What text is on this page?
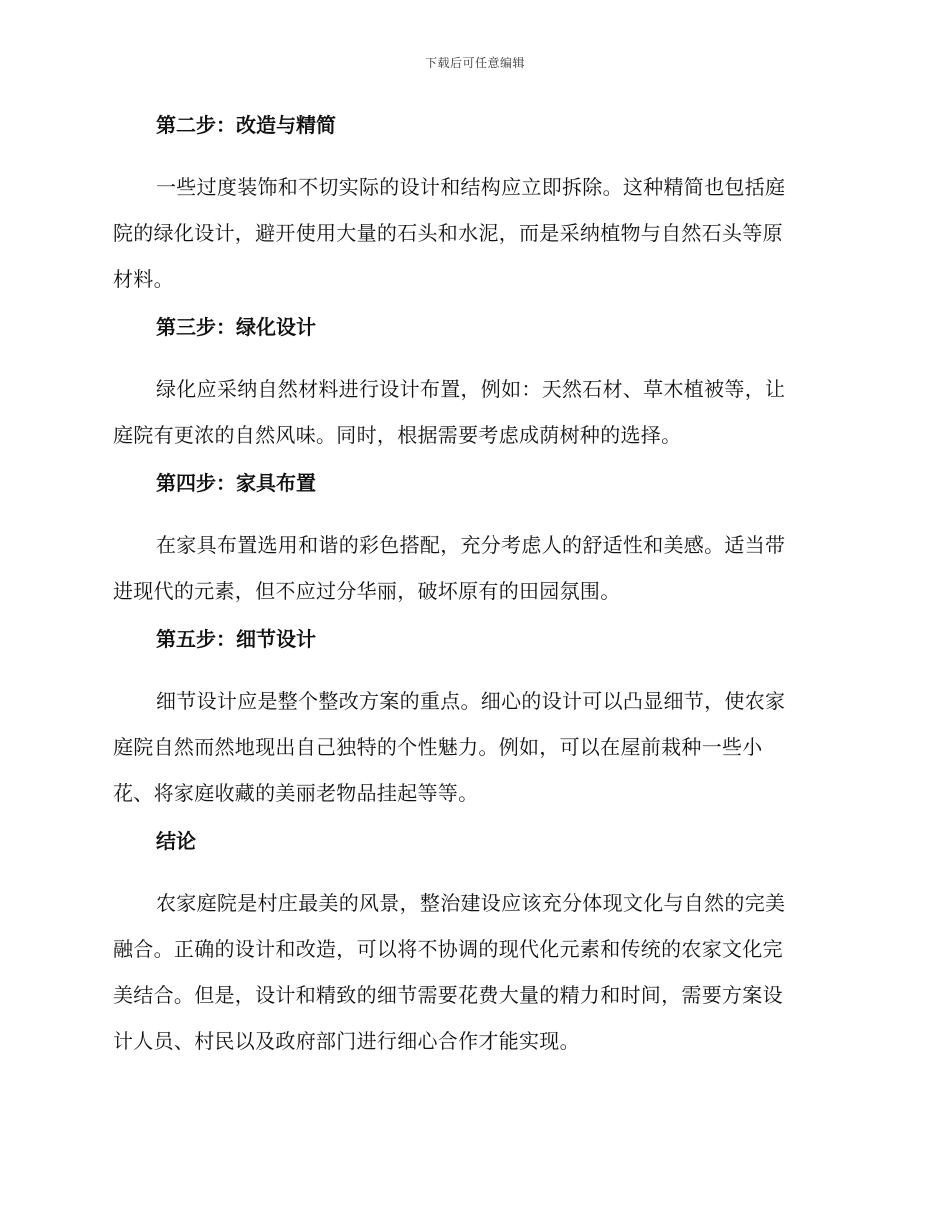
下载后可任意编辑
第二步：改造与精简

一些过度装饰和不切实际的设计和结构应立即拆除。这种精简也包括庭
院的绿化设计，避开使用大量的石头和水泥，而是采纳植物与自然石头等原
材料。

第三步：绿化设计

绿化应采纳自然材料进行设计布置，例如：天然石材、草木植被等，让
庭院有更浓的自然风味。同时，根据需要考虑成荫树种的选择。

第四步：家具布置

在家具布置选用和谐的彩色搭配，充分考虑人的舒适性和美感。适当带
进现代的元素，但不应过分华丽，破坏原有的田园氛围。

第五步：细节设计

细节设计应是整个整改方案的重点。细心的设计可以凸显细节，使农家
庭院自然而然地现出自己独特的个性魅力。例如，可以在屋前栽种一些小
花、将家庭收藏的美丽老物品挂起等等。

结论

农家庭院是村庄最美的风景，整治建设应该充分体现文化与自然的完美
融合。正确的设计和改造，可以将不协调的现代化元素和传统的农家文化完
美结合。但是，设计和精致的细节需要花费大量的精力和时间，需要方案设
计人员、村民以及政府部门进行细心合作才能实现。
